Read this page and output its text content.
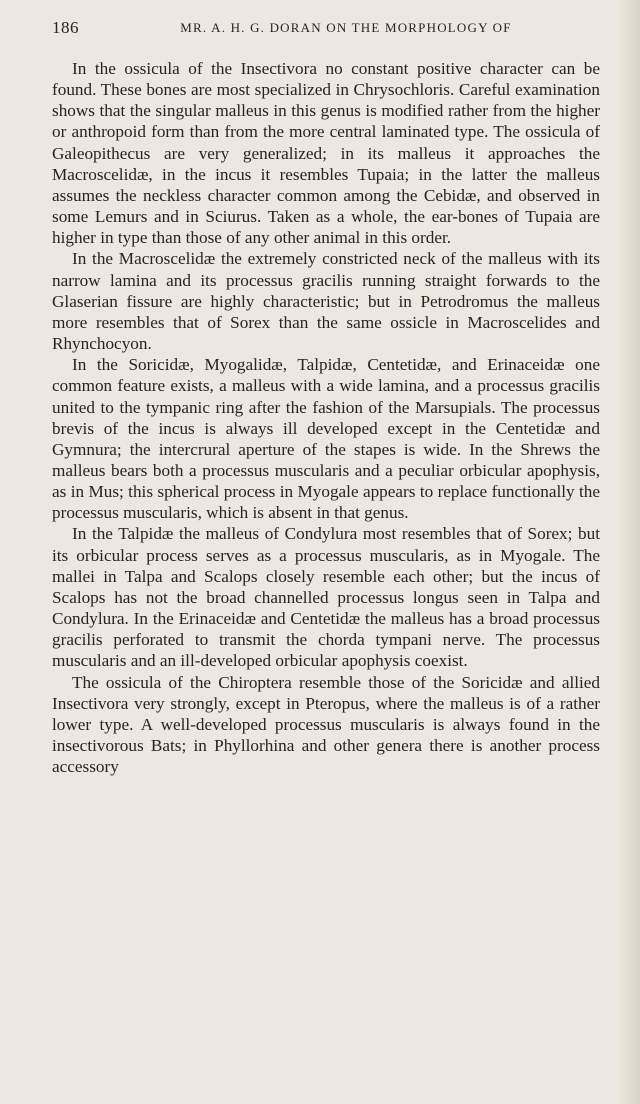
186	MR. A. H. G. DORAN ON THE MORPHOLOGY OF

In the ossicula of the Insectivora no constant positive character can be found. These bones are most specialized in Chrysochloris. Careful examination shows that the singular malleus in this genus is modified rather from the higher or anthropoid form than from the more central laminated type. The ossicula of Galeopithecus are very generalized; in its malleus it approaches the Macroscelidæ, in the incus it resembles Tupaia; in the latter the malleus assumes the neckless character common among the Cebidæ, and observed in some Lemurs and in Sciurus. Taken as a whole, the ear-bones of Tupaia are higher in type than those of any other animal in this order.

In the Macroscelidæ the extremely constricted neck of the malleus with its narrow lamina and its processus gracilis running straight forwards to the Glaserian fissure are highly characteristic; but in Petrodromus the malleus more resembles that of Sorex than the same ossicle in Macroscelides and Rhynchocyon.

In the Soricidæ, Myogalidæ, Talpidæ, Centetidæ, and Erinaceidæ one common feature exists, a malleus with a wide lamina, and a processus gracilis united to the tympanic ring after the fashion of the Marsupials. The processus brevis of the incus is always ill developed except in the Centetidæ and Gymnura; the intercrural aperture of the stapes is wide. In the Shrews the malleus bears both a processus muscularis and a peculiar orbicular apophysis, as in Mus; this spherical process in Myogale appears to replace functionally the processus muscularis, which is absent in that genus.

In the Talpidæ the malleus of Condylura most resembles that of Sorex; but its orbicular process serves as a processus muscularis, as in Myogale. The mallei in Talpa and Scalops closely resemble each other; but the incus of Scalops has not the broad channelled processus longus seen in Talpa and Condylura. In the Erinaceidæ and Centetidæ the malleus has a broad processus gracilis perforated to transmit the chorda tympani nerve. The processus muscularis and an ill-developed orbicular apophysis coexist.

The ossicula of the Chiroptera resemble those of the Soricidæ and allied Insectivora very strongly, except in Pteropus, where the malleus is of a rather lower type. A well-developed processus muscularis is always found in the insectivorous Bats; in Phyllorhina and other genera there is another process accessory
